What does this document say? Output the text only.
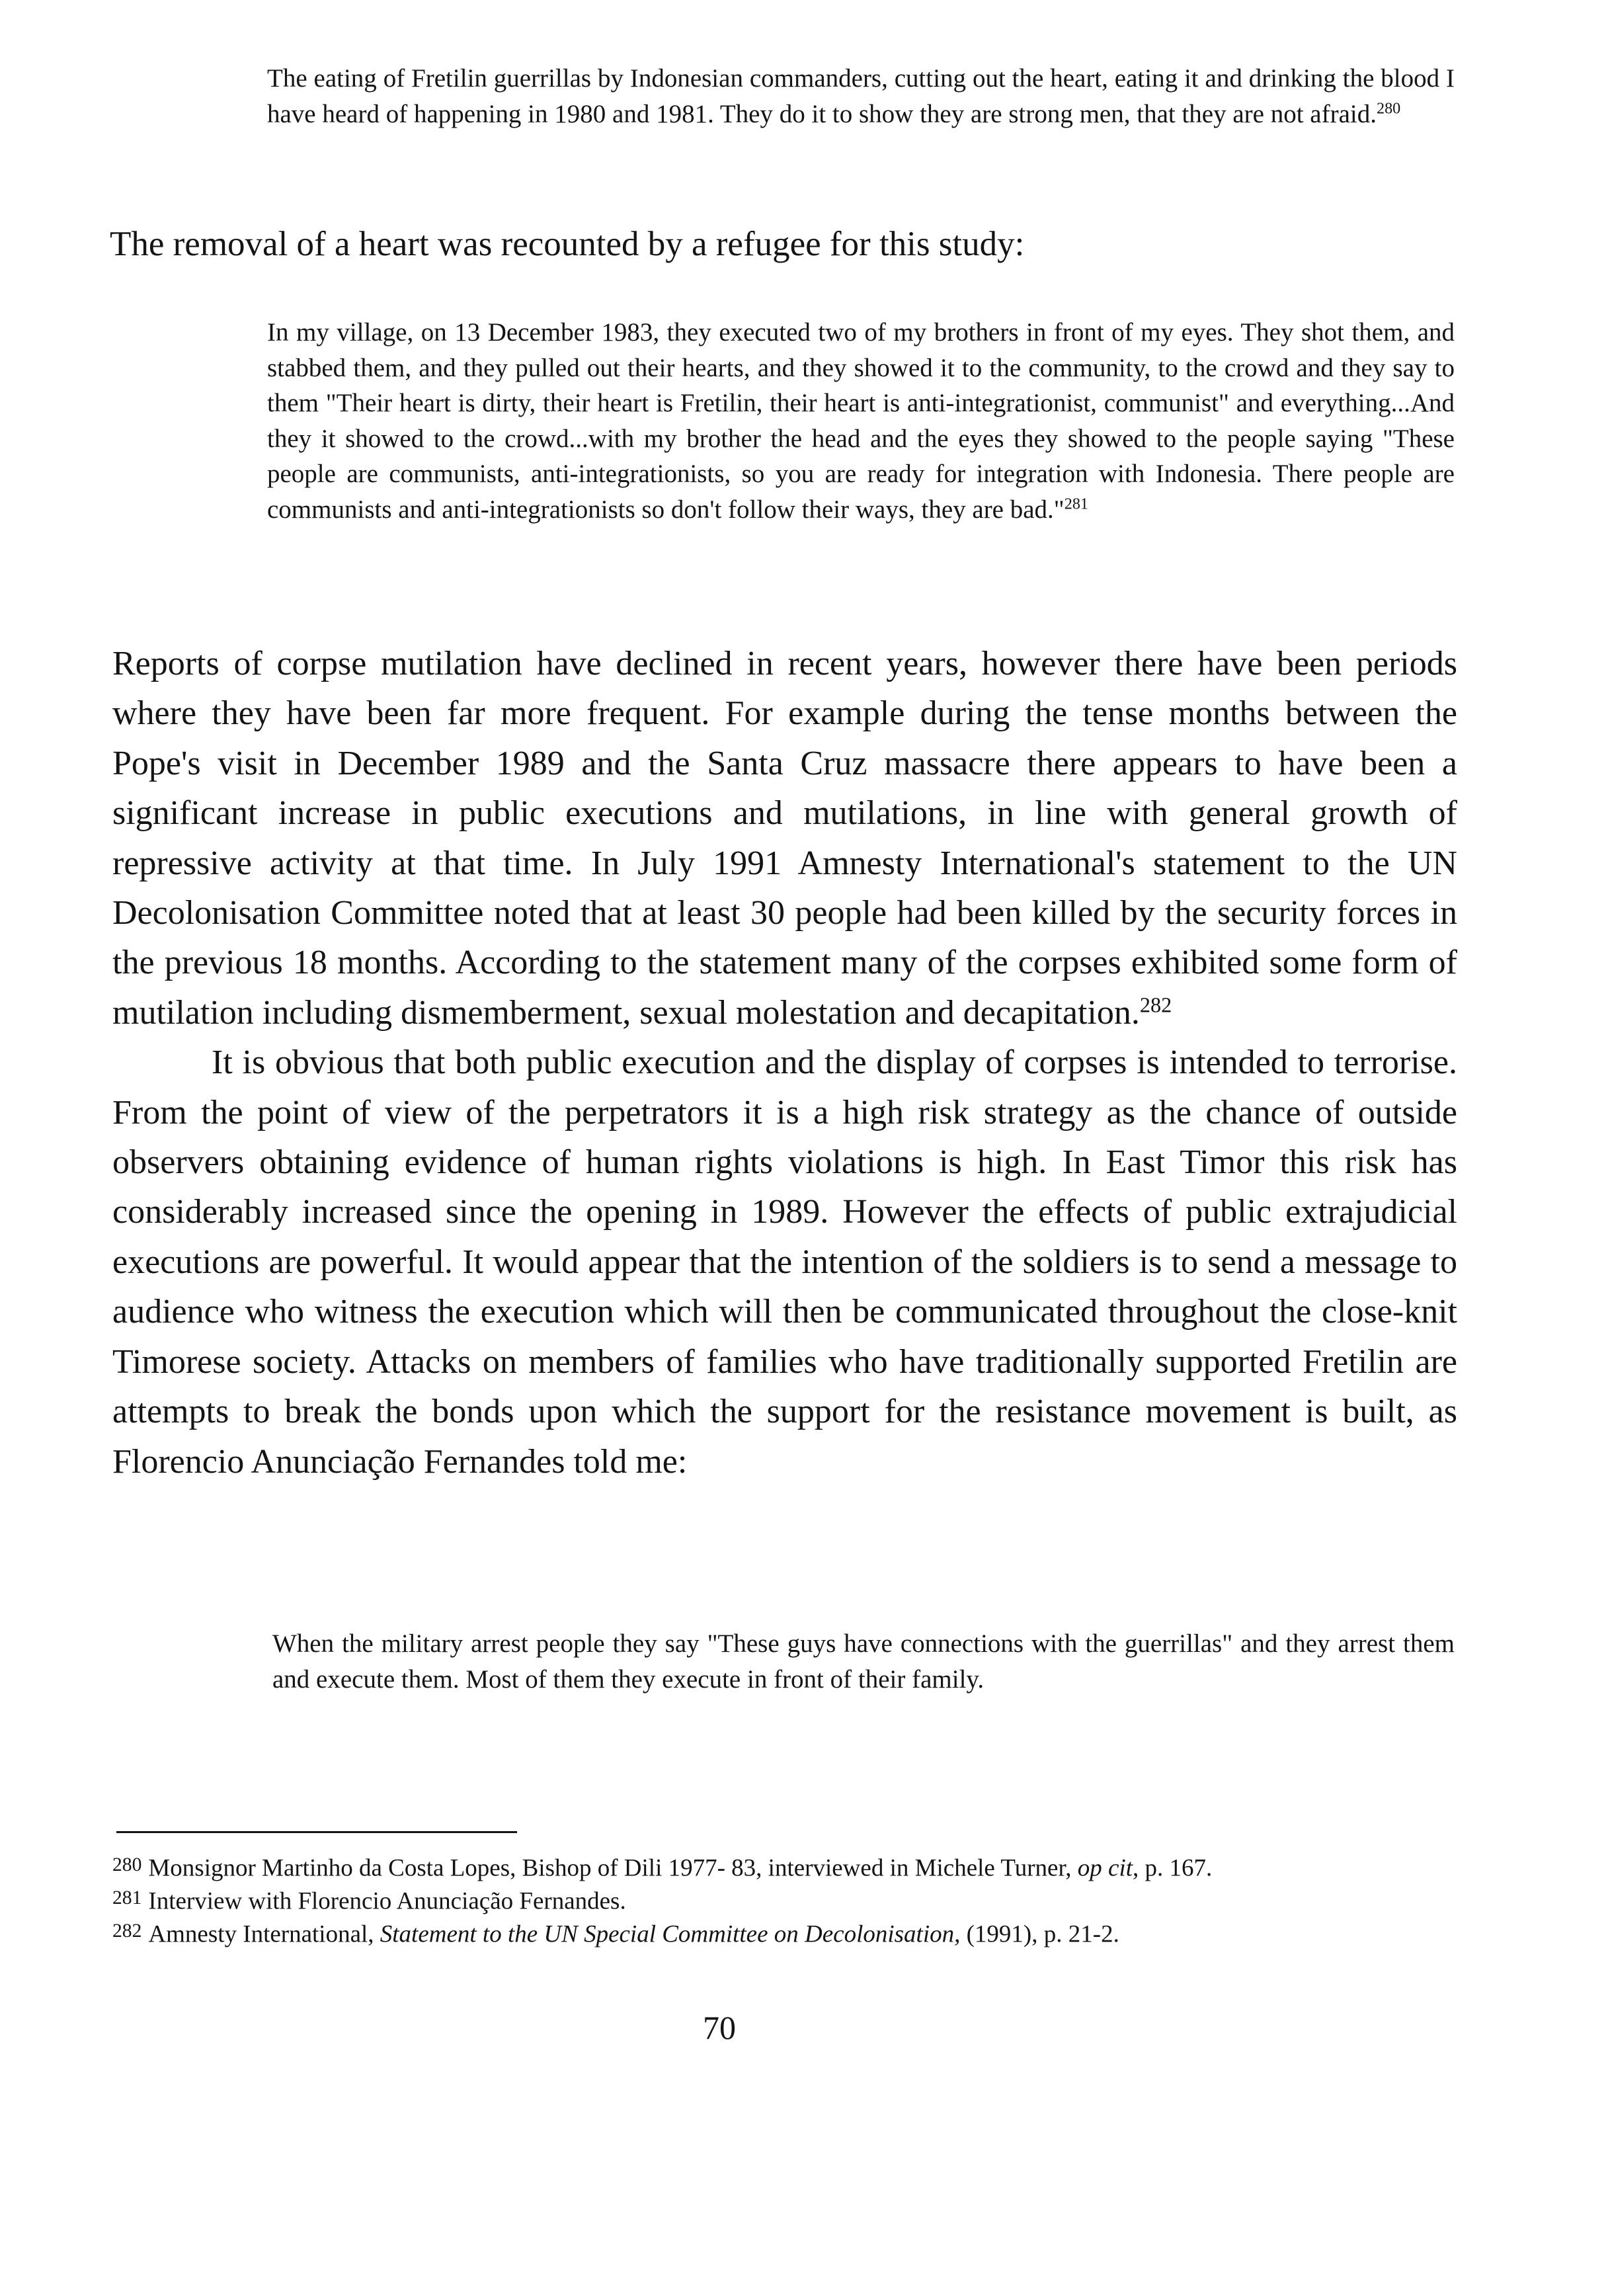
The eating of Fretilin guerrillas by Indonesian commanders, cutting out the heart, eating it and drinking the blood I have heard of happening in 1980 and 1981. They do it to show they are strong men, that they are not afraid.$^{280}$

The removal of a heart was recounted by a refugee for this study:

In my village, on 13 December 1983, they executed two of my brothers in front of my eyes. They shot them, and stabbed them, and they pulled out their hearts, and they showed it to the community, to the crowd and they say to them "Their heart is dirty, their heart is Fretilin, their heart is anti-integrationist, communist" and everything...And they it showed to the crowd...with my brother the head and the eyes they showed to the people saying "These people are communists, anti-integrationists, so you are ready for integration with Indonesia. There people are communists and anti-integrationists so don't follow their ways, they are bad."$^{281}$

Reports of corpse mutilation have declined in recent years, however there have been periods where they have been far more frequent. For example during the tense months between the Pope's visit in December 1989 and the Santa Cruz massacre there appears to have been a significant increase in public executions and mutilations, in line with general growth of repressive activity at that time. In July 1991 Amnesty International's statement to the UN Decolonisation Committee noted that at least 30 people had been killed by the security forces in the previous 18 months. According to the statement many of the corpses exhibited some form of mutilation including dismemberment, sexual molestation and decapitation.$^{282}$

It is obvious that both public execution and the display of corpses is intended to terrorise. From the point of view of the perpetrators it is a high risk strategy as the chance of outside observers obtaining evidence of human rights violations is high. In East Timor this risk has considerably increased since the opening in 1989. However the effects of public extrajudicial executions are powerful. It would appear that the intention of the soldiers is to send a message to audience who witness the execution which will then be communicated throughout the close-knit Timorese society. Attacks on members of families who have traditionally supported Fretilin are attempts to break the bonds upon which the support for the resistance movement is built, as Florencio Anunciação Fernandes told me:

When the military arrest people they say "These guys have connections with the guerrillas" and they arrest them and execute them. Most of them they execute in front of their family.

$^{280}$ Monsignor Martinho da Costa Lopes, Bishop of Dili 1977- 83, interviewed in Michele Turner, op cit, p. 167.

$^{281}$ Interview with Florencio Anunciação Fernandes.

$^{282}$ Amnesty International, Statement to the UN Special Committee on Decolonisation, (1991), p. 21-2.

70
